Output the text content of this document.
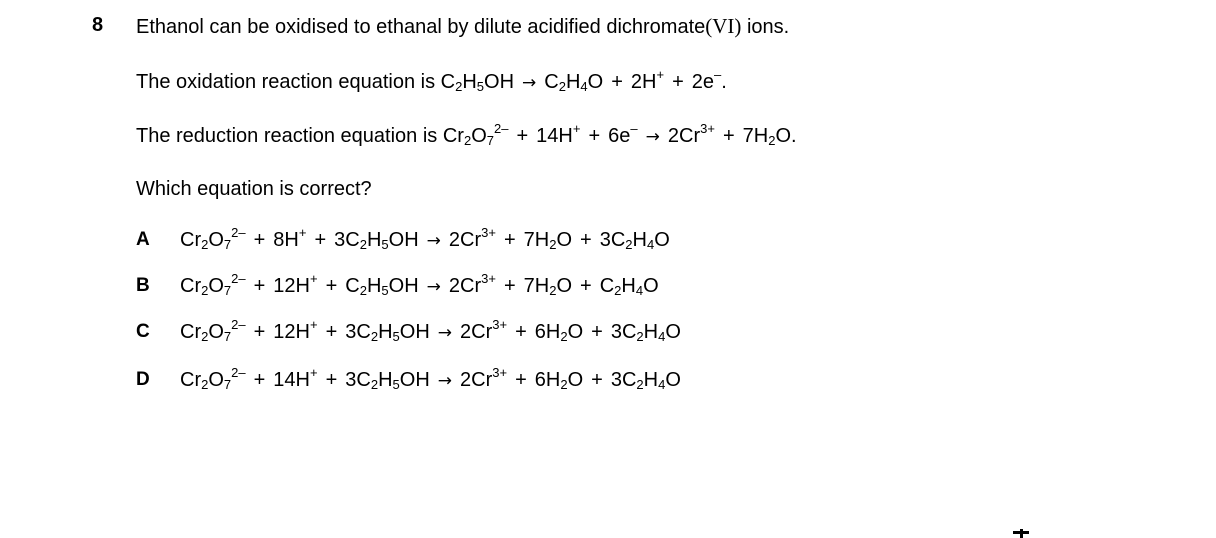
8 Ethanol can be oxidised to ethanal by dilute acidified dichromate(VI) ions.
The oxidation reaction equation is $C_2H_5OH \to C_2H_4O + 2H^+ + 2e^-$.
The reduction reaction equation is $Cr_2O_7^{2-} + 14H^+ + 6e^- \to 2Cr^{3+} + 7H_2O$.
Which equation is correct?
A $Cr_2O_7^{2-} + 8H^+ + 3C_2H_5OH \to 2Cr^{3+} + 7H_2O + 3C_2H_4O$
B $Cr_2O_7^{2-} + 12H^+ + C_2H_5OH \to 2Cr^{3+} + 7H_2O + C_2H_4O$
C $Cr_2O_7^{2-} + 12H^+ + 3C_2H_5OH \to 2Cr^{3+} + 6H_2O + 3C_2H_4O$
D $Cr_2O_7^{2-} + 14H^+ + 3C_2H_5OH \to 2Cr^{3+} + 6H_2O + 3C_2H_4O$
